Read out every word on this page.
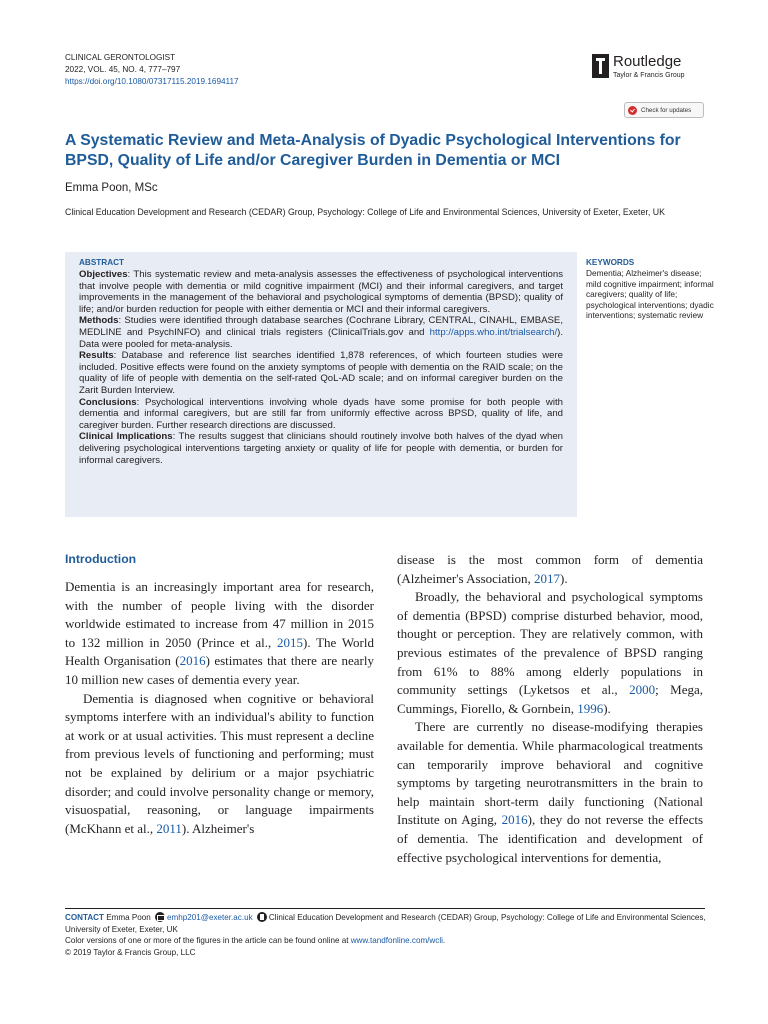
CLINICAL GERONTOLOGIST
2022, VOL. 45, NO. 4, 777–797
https://doi.org/10.1080/07317115.2019.1694117
Routledge
Taylor & Francis Group
Check for updates
A Systematic Review and Meta-Analysis of Dyadic Psychological Interventions for BPSD, Quality of Life and/or Caregiver Burden in Dementia or MCI
Emma Poon, MSc
Clinical Education Development and Research (CEDAR) Group, Psychology: College of Life and Environmental Sciences, University of Exeter, Exeter, UK
ABSTRACT

Objectives: This systematic review and meta-analysis assesses the effectiveness of psychological interventions that involve people with dementia or mild cognitive impairment (MCI) and their informal caregivers, and target improvements in the management of the behavioral and psychological symptoms of dementia (BPSD); quality of life; and/or burden reduction for people with either dementia or MCI and their informal caregivers.

Methods: Studies were identified through database searches (Cochrane Library, CENTRAL, CINAHL, EMBASE, MEDLINE and PsychINFO) and clinical trials registers (ClinicalTrials.gov and http://apps.who.int/trialsearch/). Data were pooled for meta-analysis.

Results: Database and reference list searches identified 1,878 references, of which fourteen studies were included. Positive effects were found on the anxiety symptoms of people with dementia on the RAID scale; on the quality of life of people with dementia on the self-rated QoL-AD scale; and on informal caregiver burden on the Zarit Burden Interview.

Conclusions: Psychological interventions involving whole dyads have some promise for both people with dementia and informal caregivers, but are still far from uniformly effective across BPSD, quality of life, and caregiver burden. Further research directions are discussed.

Clinical Implications: The results suggest that clinicians should routinely involve both halves of the dyad when delivering psychological interventions targeting anxiety or quality of life for people with dementia, or burden for informal caregivers.

KEYWORDS
Dementia; Alzheimer's disease; mild cognitive impairment; informal caregivers; quality of life; psychological interventions; dyadic interventions; systematic review
Introduction

Dementia is an increasingly important area for research, with the number of people living with the disorder worldwide estimated to increase from 47 million in 2015 to 132 million in 2050 (Prince et al., 2015). The World Health Organisation (2016) estimates that there are nearly 10 million new cases of dementia every year.

Dementia is diagnosed when cognitive or behavioral symptoms interfere with an individual's ability to function at work or at usual activities. This must represent a decline from previous levels of functioning and performing; must not be explained by delirium or a major psychiatric disorder; and could involve personality change or memory, visuospatial, reasoning, or language impairments (McKhann et al., 2011). Alzheimer's

disease is the most common form of dementia (Alzheimer's Association, 2017).

Broadly, the behavioral and psychological symptoms of dementia (BPSD) comprise disturbed behavior, mood, thought or perception. They are relatively common, with previous estimates of the prevalence of BPSD ranging from 61% to 88% among elderly populations in community settings (Lyketsos et al., 2000; Mega, Cummings, Fiorello, & Gornbein, 1996).

There are currently no disease-modifying therapies available for dementia. While pharmacological treatments can temporarily improve behavioral and cognitive symptoms by targeting neurotransmitters in the brain to help maintain short-term daily functioning (National Institute on Aging, 2016), they do not reverse the effects of dementia. The identification and development of effective psychological interventions for dementia,

CONTACT Emma Poon emhp201@exeter.ac.uk Clinical Education Development and Research (CEDAR) Group, Psychology: College of Life and Environmental Sciences, University of Exeter, Exeter, UK
Color versions of one or more of the figures in the article can be found online at www.tandfonline.com/wcli.
© 2019 Taylor & Francis Group, LLC
